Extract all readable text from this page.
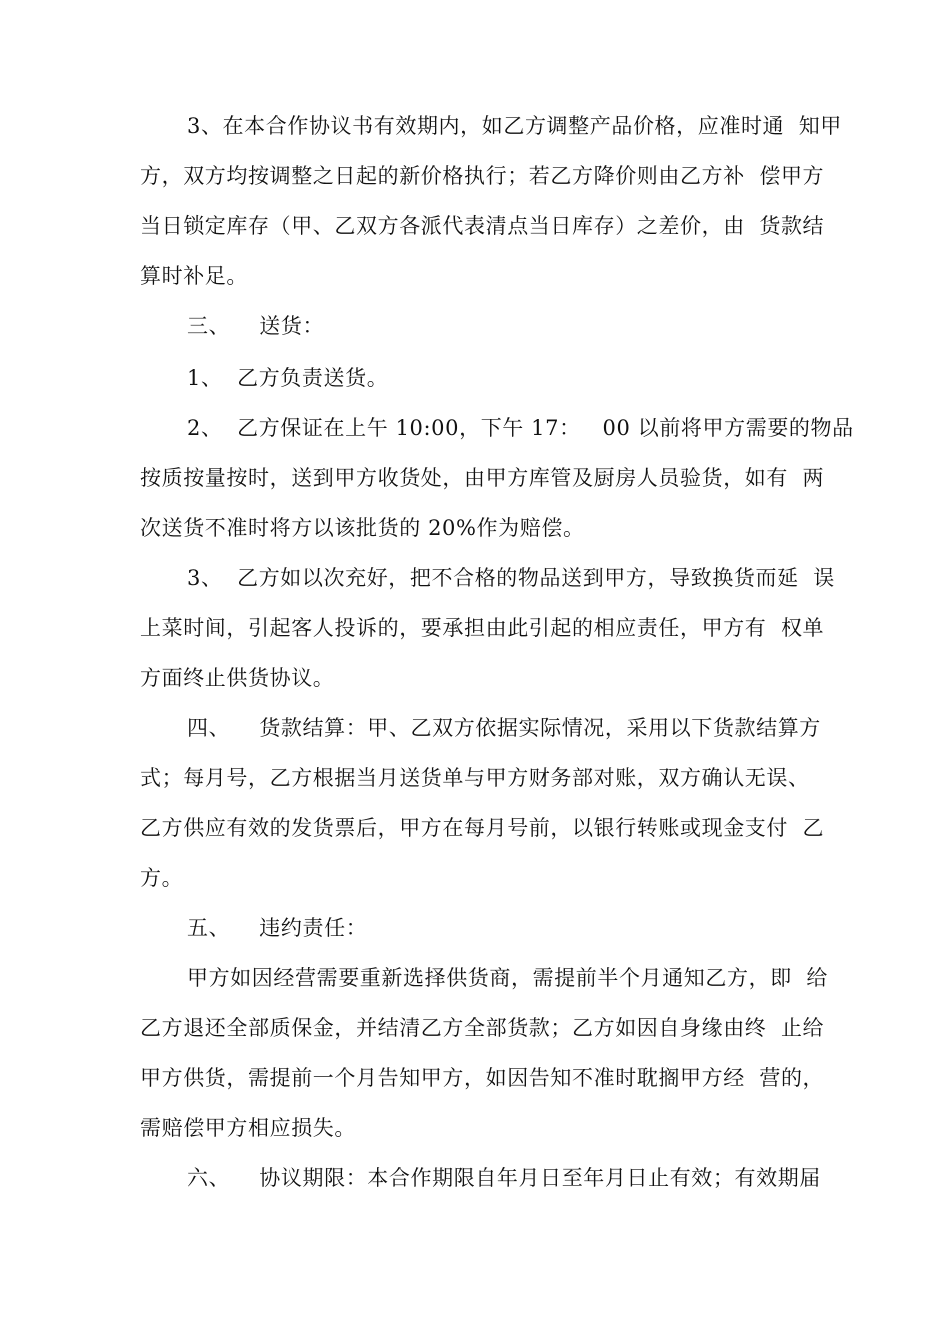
3、在本合作协议书有效期内，如乙方调整产品价格，应准时通  知甲
方，双方均按调整之日起的新价格执行；若乙方降价则由乙方补  偿甲方
当日锁定库存（甲、乙双方各派代表清点当日库存）之差价，由  货款结
算时补足。
三、    送货：
1、  乙方负责送货。
2、  乙方保证在上午 10:00，下午 17：   00 以前将甲方需要的物品
按质按量按时，送到甲方收货处，由甲方库管及厨房人员验货，如有  两
次送货不准时将方以该批货的 20%作为赔偿。
3、  乙方如以次充好，把不合格的物品送到甲方，导致换货而延  误
上菜时间，引起客人投诉的，要承担由此引起的相应责任，甲方有  权单
方面终止供货协议。
四、    货款结算：甲、乙双方依据实际情况，采用以下货款结算方
式；每月号，乙方根据当月送货单与甲方财务部对账，双方确认无误、
乙方供应有效的发货票后，甲方在每月号前，以银行转账或现金支付  乙
方。
五、    违约责任：
甲方如因经营需要重新选择供货商，需提前半个月通知乙方，即  给
乙方退还全部质保金，并结清乙方全部货款；乙方如因自身缘由终  止给
甲方供货，需提前一个月告知甲方，如因告知不准时耽搁甲方经  营的，
需赔偿甲方相应损失。
六、    协议期限：本合作期限自年月日至年月日止有效；有效期届
